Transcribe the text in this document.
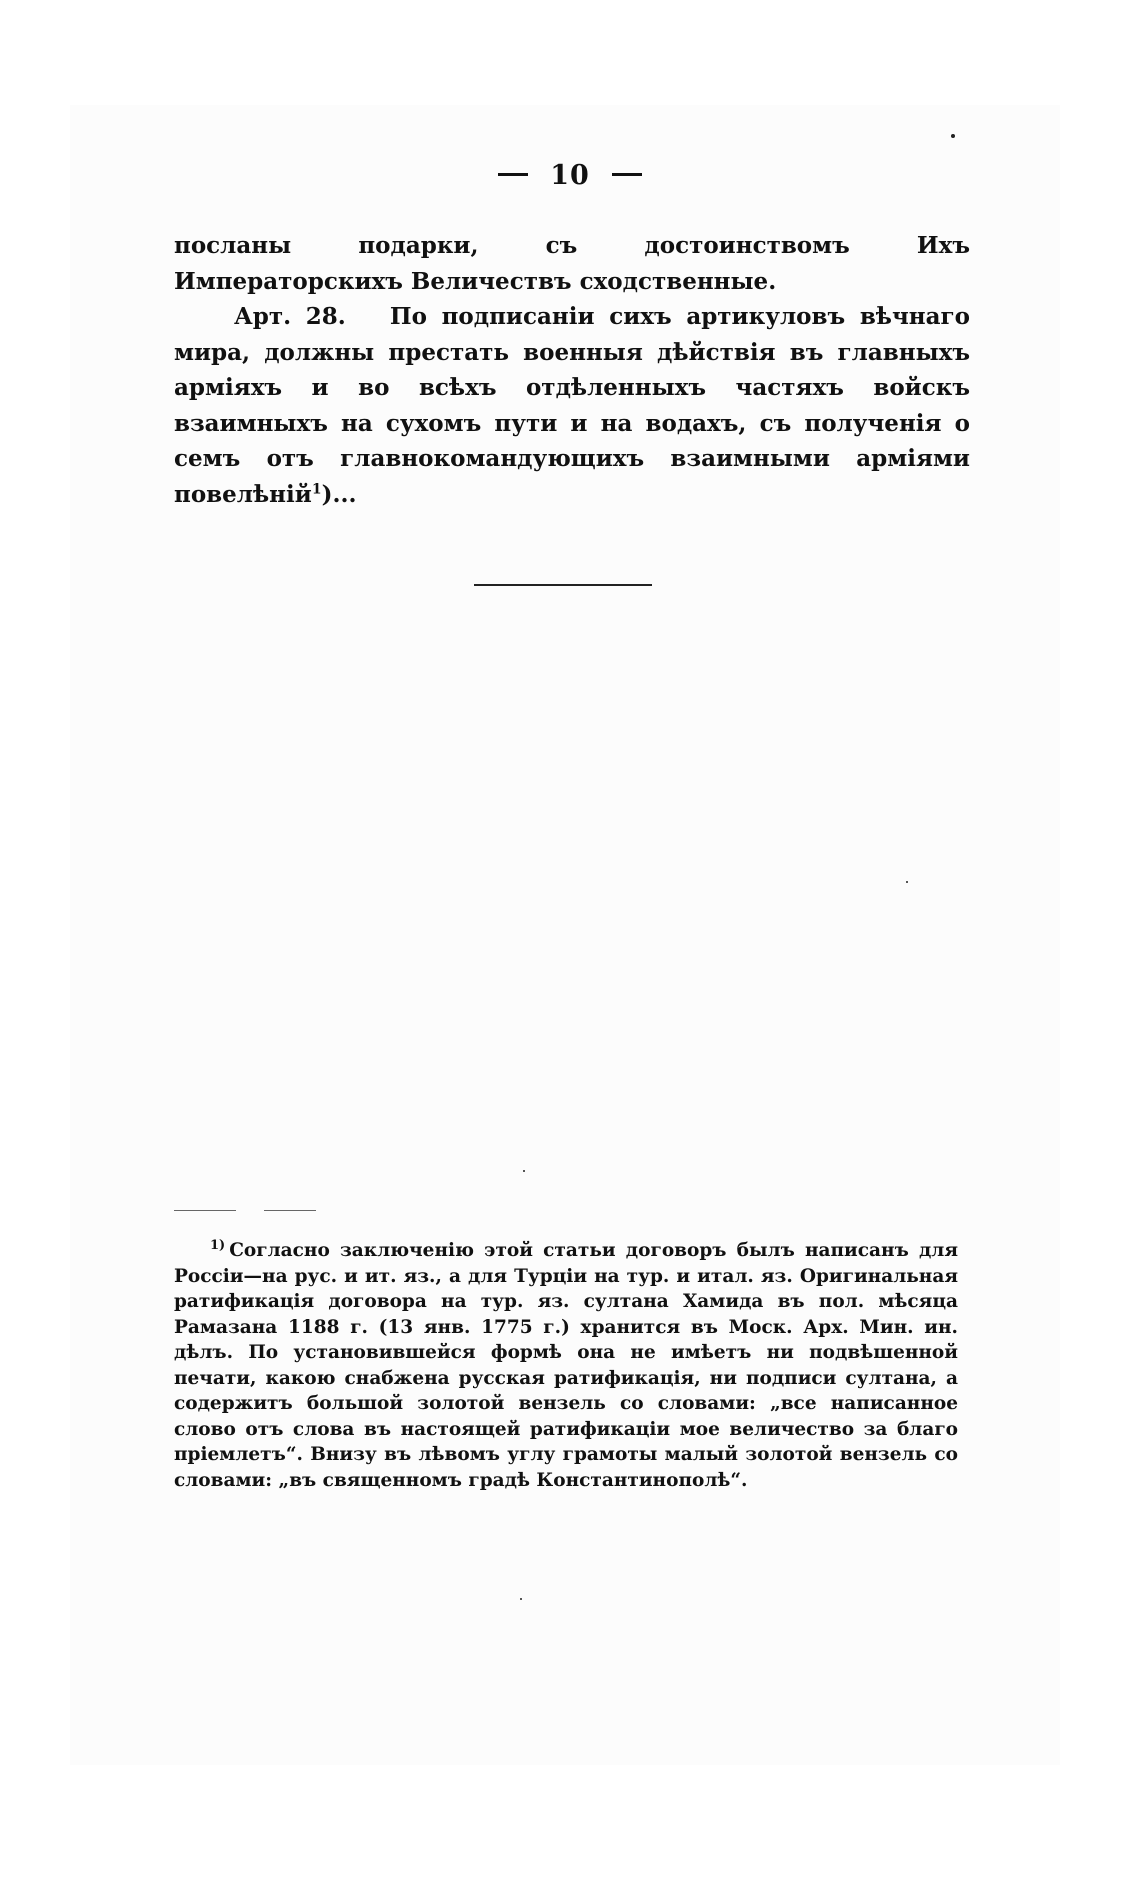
10

посланы подарки, съ достоинствомъ Ихъ Императорскихъ Величествъ сходственные.

Арт. 28. По подписаніи сихъ артикуловъ вѣчнаго мира, должны престать военныя дѣйствія въ главныхъ арміяхъ и во всѣхъ отдѣленныхъ частяхъ войскъ взаимныхъ на сухомъ пути и на водахъ, съ полученія о семъ отъ главнокомандующихъ взаимными арміями повелѣній$^1$)...

$^{1)}$ Согласно заключенію этой статьи договоръ былъ написанъ для Россіи—на рус. и ит. яз., а для Турціи на тур. и итал. яз. Оригинальная ратификація договора на тур. яз. султана Хамида въ пол. мѣсяца Рамазана 1188 г. (13 янв. 1775 г.) хранится въ Моск. Арх. Мин. ин. дѣлъ. По установившейся формѣ она не имѣетъ ни подвѣшенной печати, какою снабжена русская ратификація, ни подписи султана, а содержитъ большой золотой вензель со словами: „все написанное слово отъ слова въ настоящей ратификаціи мое величество за благо пріемлетъ“. Внизу въ лѣвомъ углу грамоты малый золотой вензель со словами: „въ священномъ градѣ Константинополѣ“.
